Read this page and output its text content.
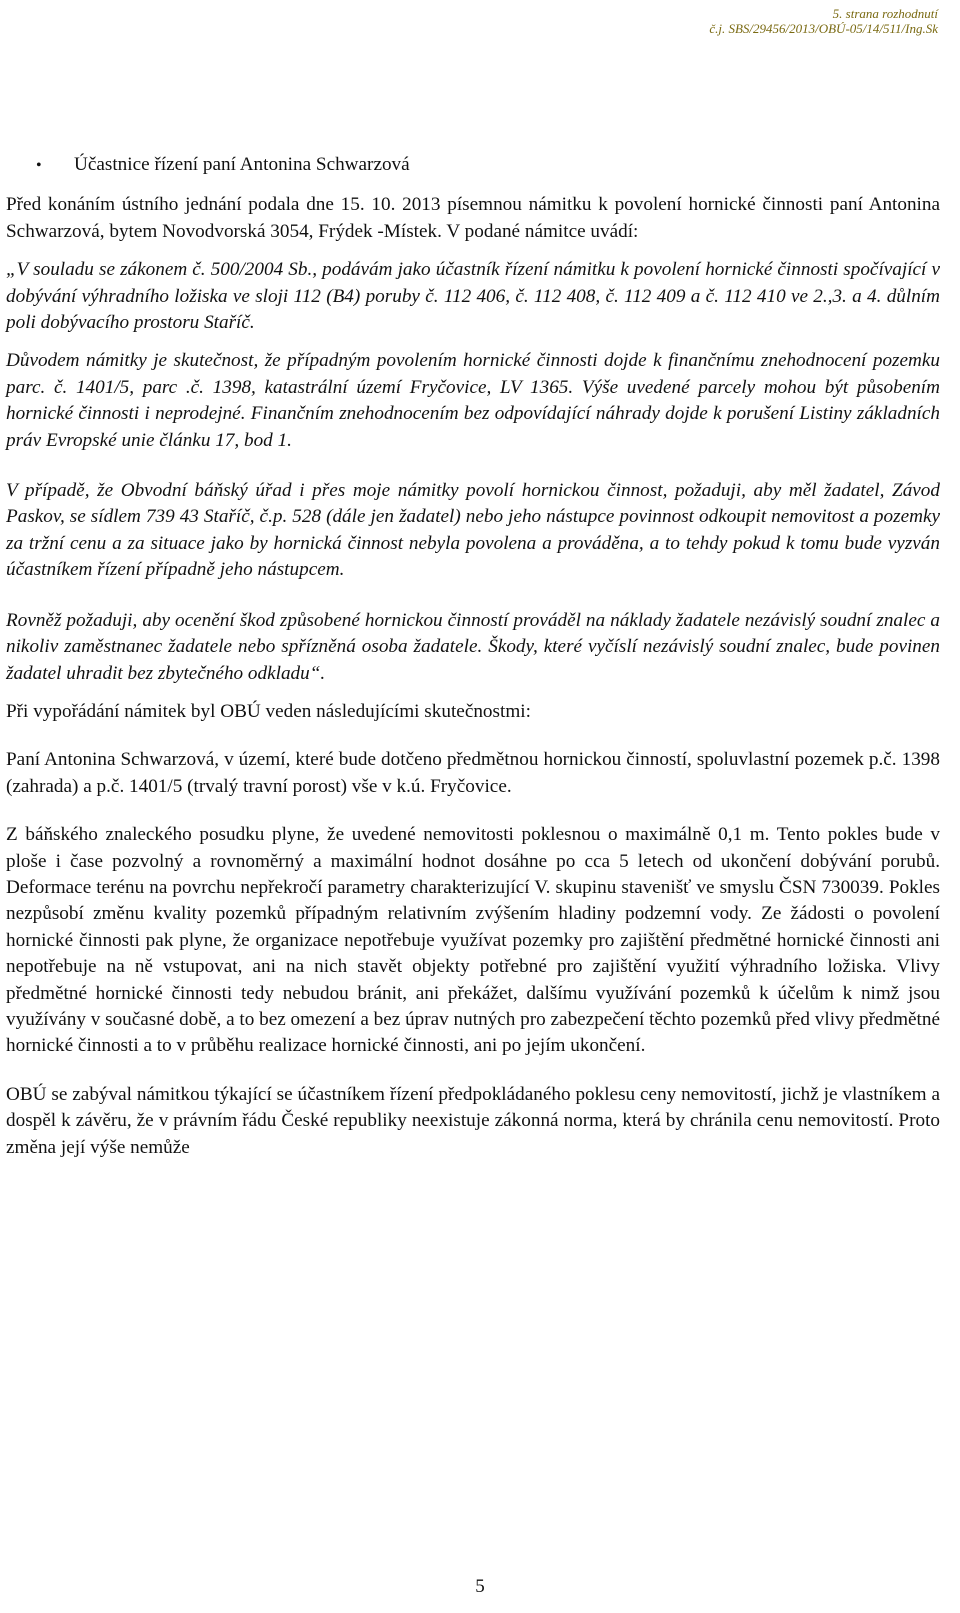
5. strana rozhodnutí
č.j. SBS/29456/2013/OBÚ-05/14/511/Ing.Sk

•
Účastnice řízení paní Antonina Schwarzová

Před konáním ústního jednání podala dne 15. 10. 2013 písemnou námitku k povolení hornické činnosti paní Antonina Schwarzová, bytem Novodvorská 3054, Frýdek -Místek. V podané námitce uvádí:

„V souladu se zákonem č. 500/2004 Sb., podávám jako účastník řízení námitku k povolení hornické činnosti spočívající v dobývání výhradního ložiska ve sloji 112 (B4) poruby č. 112 406, č. 112 408, č. 112 409 a č. 112 410 ve 2.,3. a 4. důlním poli dobývacího prostoru Staříč.

Důvodem námitky je skutečnost, že případným povolením hornické činnosti dojde k finančnímu znehodnocení pozemku parc. č. 1401/5, parc .č. 1398, katastrální území Fryčovice, LV 1365. Výše uvedené parcely mohou být působením hornické činnosti i neprodejné. Finančním znehodnocením bez odpovídající náhrady dojde k porušení Listiny základních práv Evropské unie článku 17, bod 1.

V případě, že Obvodní báňský úřad i přes moje námitky povolí hornickou činnost, požaduji, aby měl žadatel, Závod Paskov, se sídlem 739 43 Staříč, č.p. 528 (dále jen žadatel) nebo jeho nástupce povinnost odkoupit nemovitost a pozemky za tržní cenu a za situace jako by hornická činnost nebyla povolena a prováděna, a to tehdy pokud k tomu bude vyzván účastníkem řízení případně jeho nástupcem.

Rovněž požaduji, aby ocenění škod způsobené hornickou činností prováděl na náklady žadatele nezávislý soudní znalec a nikoliv zaměstnanec žadatele nebo spřízněná osoba žadatele. Škody, které vyčíslí nezávislý soudní znalec, bude povinen žadatel uhradit bez zbytečného odkladu“.

Při vypořádání námitek byl OBÚ veden následujícími skutečnostmi:

Paní Antonina Schwarzová, v území, které bude dotčeno předmětnou hornickou činností, spoluvlastní pozemek p.č. 1398 (zahrada) a p.č. 1401/5 (trvalý travní porost) vše v k.ú. Fryčovice.

Z báňského znaleckého posudku plyne, že uvedené nemovitosti poklesnou o maximálně 0,1 m. Tento pokles bude v ploše i čase pozvolný a rovnoměrný a maximální hodnot dosáhne po cca 5 letech od ukončení dobývání porubů. Deformace terénu na povrchu nepřekročí parametry charakterizující V. skupinu stavenišť ve smyslu ČSN 730039. Pokles nezpůsobí změnu kvality pozemků případným relativním zvýšením hladiny podzemní vody. Ze žádosti o povolení hornické činnosti pak plyne, že organizace nepotřebuje využívat pozemky pro zajištění předmětné hornické činnosti ani nepotřebuje na ně vstupovat, ani na nich stavět objekty potřebné pro zajištění využití výhradního ložiska. Vlivy předmětné hornické činnosti tedy nebudou bránit, ani překážet, dalšímu využívání pozemků k účelům k nimž jsou využívány v současné době, a to bez omezení a bez úprav nutných pro zabezpečení těchto pozemků před vlivy předmětné hornické činnosti a to v průběhu realizace hornické činnosti, ani po jejím ukončení.

OBÚ se zabýval námitkou týkající se účastníkem řízení předpokládaného poklesu ceny nemovitostí, jichž je vlastníkem a dospěl k závěru, že v právním řádu České republiky neexistuje zákonná norma, která by chránila cenu nemovitostí. Proto změna její výše nemůže

5
